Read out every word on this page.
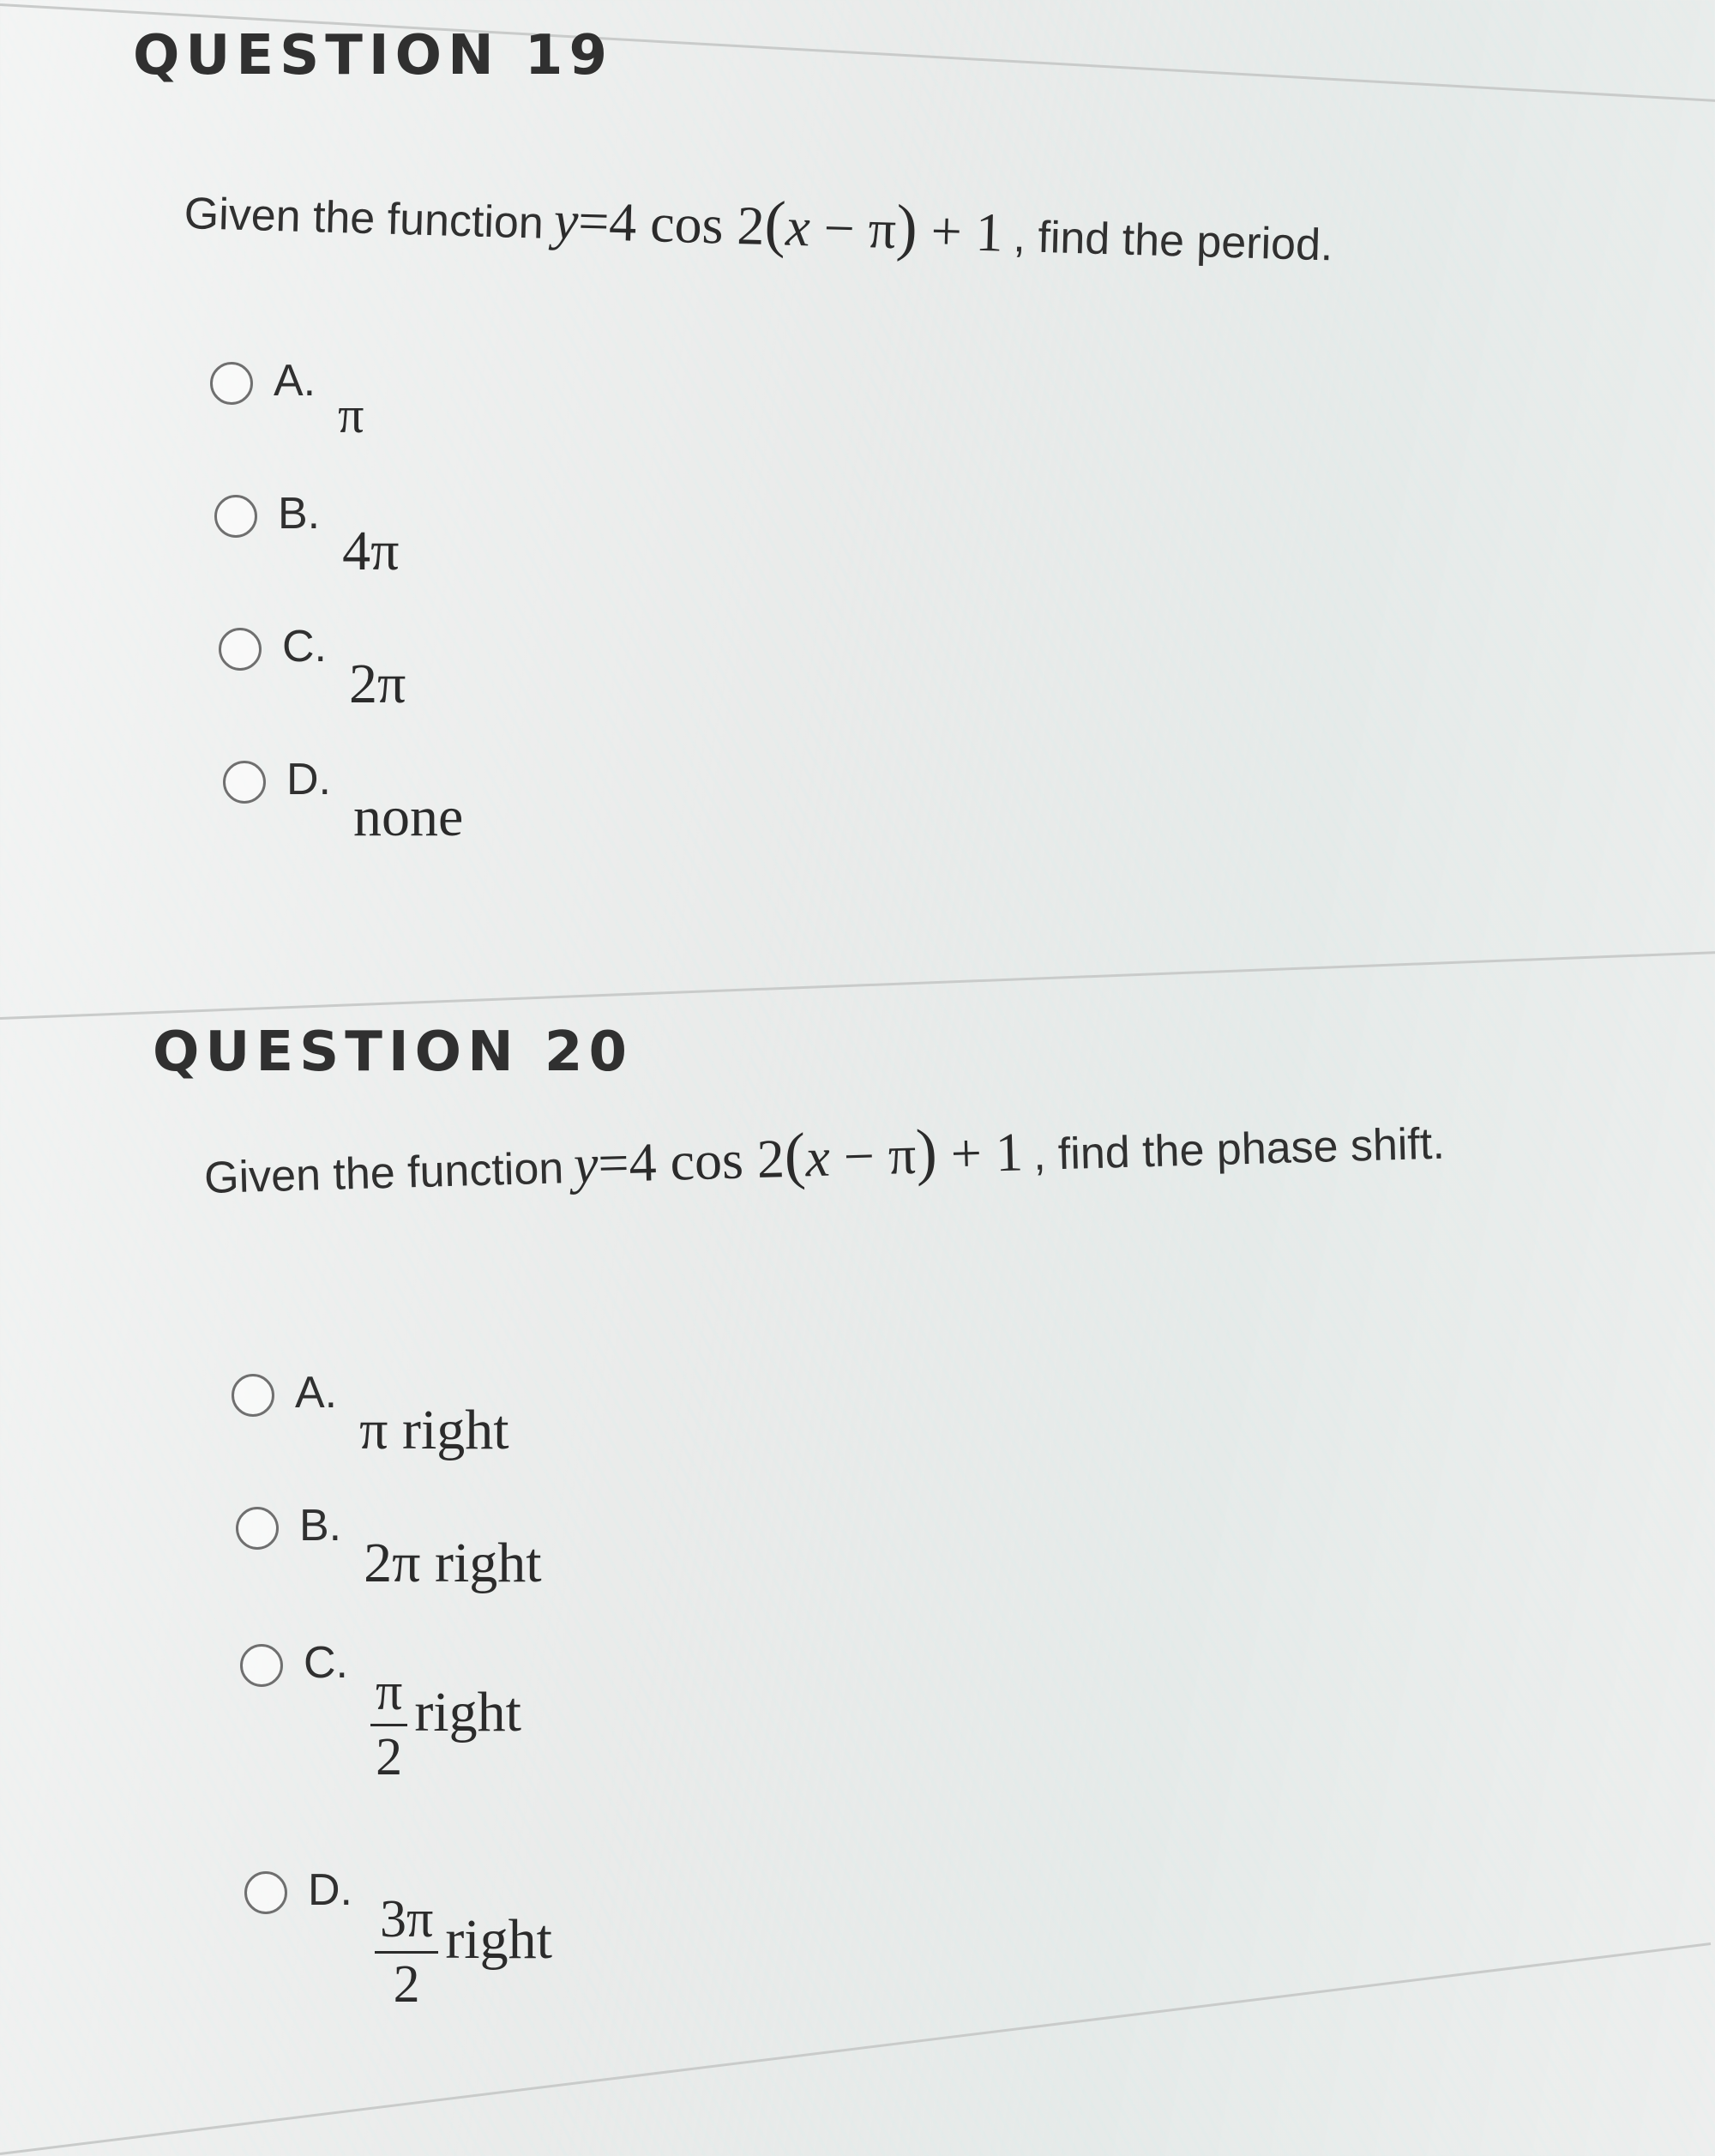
QUESTION 19
Given the function y=4 cos 2(x − π) + 1 , find the period.
A.
π
B.
4π
C.
2π
D.
none
QUESTION 20
Given the function y=4 cos 2(x − π) + 1 , find the phase shift.
A.
π right
B.
2π right
C.
$\frac{\pi}{2}$ right
D.
$\frac{3\pi}{2}$ right
